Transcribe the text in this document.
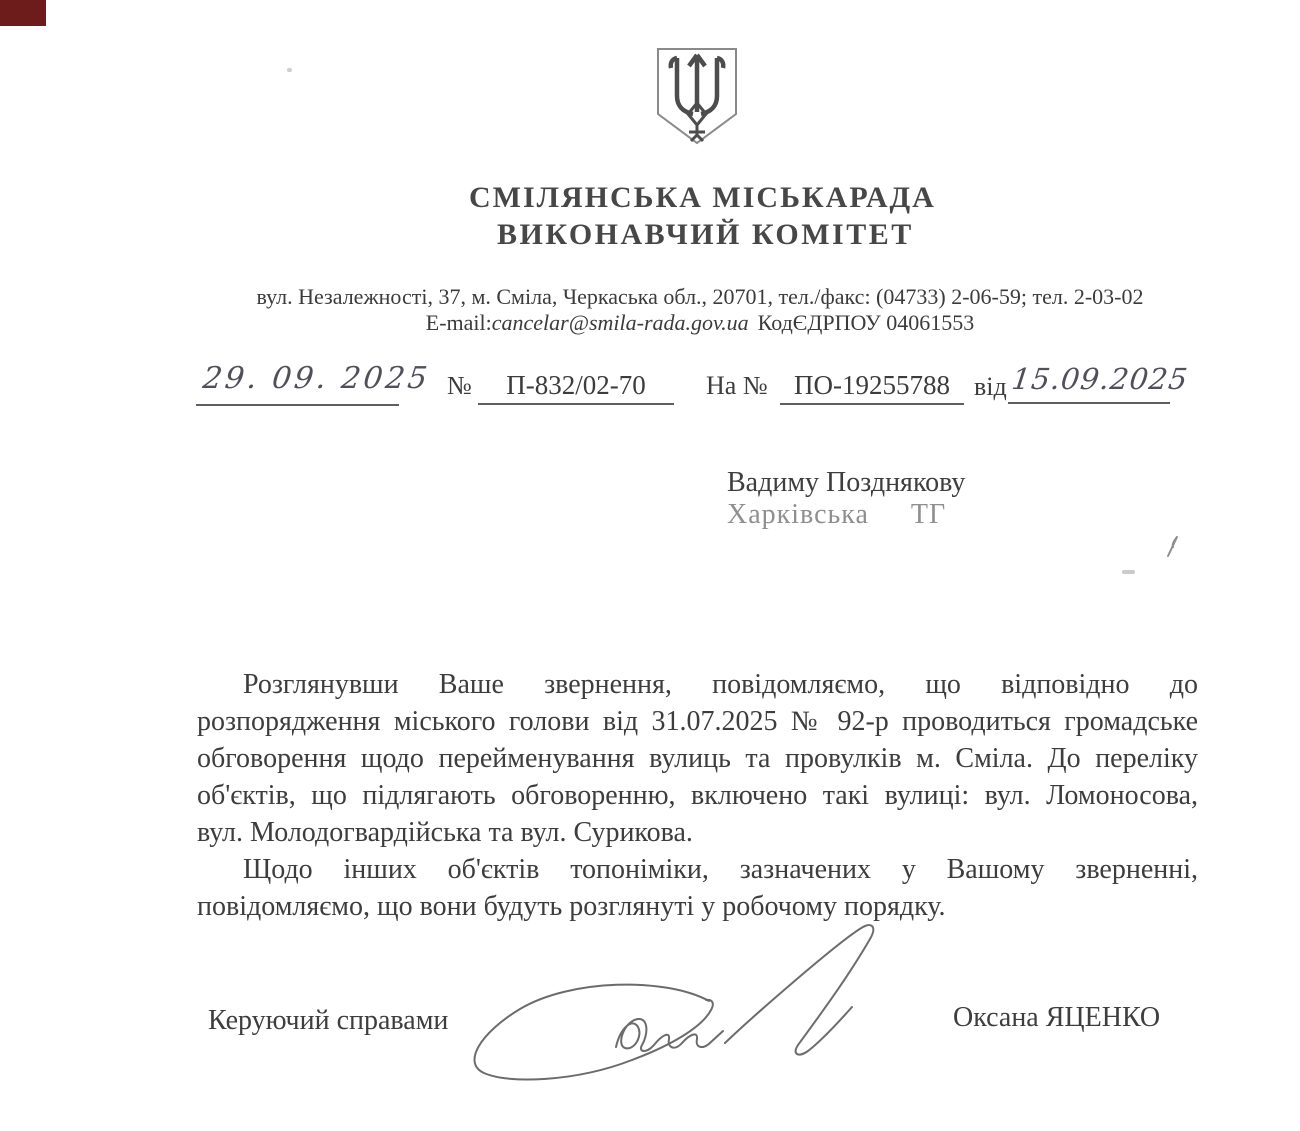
СМІЛЯНСЬКА МІСЬКАРАДА
ВИКОНАВЧИЙ КОМІТЕТ
вул. Незалежності, 37, м. Сміла, Черкаська обл., 20701, тел./факс: (04733) 2-06-59; тел. 2-03-02
E-mail:cancelar@smila-rada.gov.ua КодЄДРПОУ 04061553
29. 09. 2025 №	П-832/02-70	На № ПО-19255788 від 15.09.2025
Вадиму Позднякову
Харківська ТГ
Розглянувши Ваше звернення, повідомляємо, що відповідно до
розпорядження міського голови від 31.07.2025 № 92-р проводиться громадське
обговорення щодо перейменування вулиць та провулків м. Сміла. До переліку
об'єктів, що підлягають обговоренню, включено такі вулиці: вул. Ломоносова,
вул. Молодогвардійська та вул. Сурикова.
Щодо інших об'єктів топоніміки, зазначених у Вашому зверненні,
повідомляємо, що вони будуть розглянуті у робочому порядку.
Керуючий справами	Оксана ЯЦЕНКО
